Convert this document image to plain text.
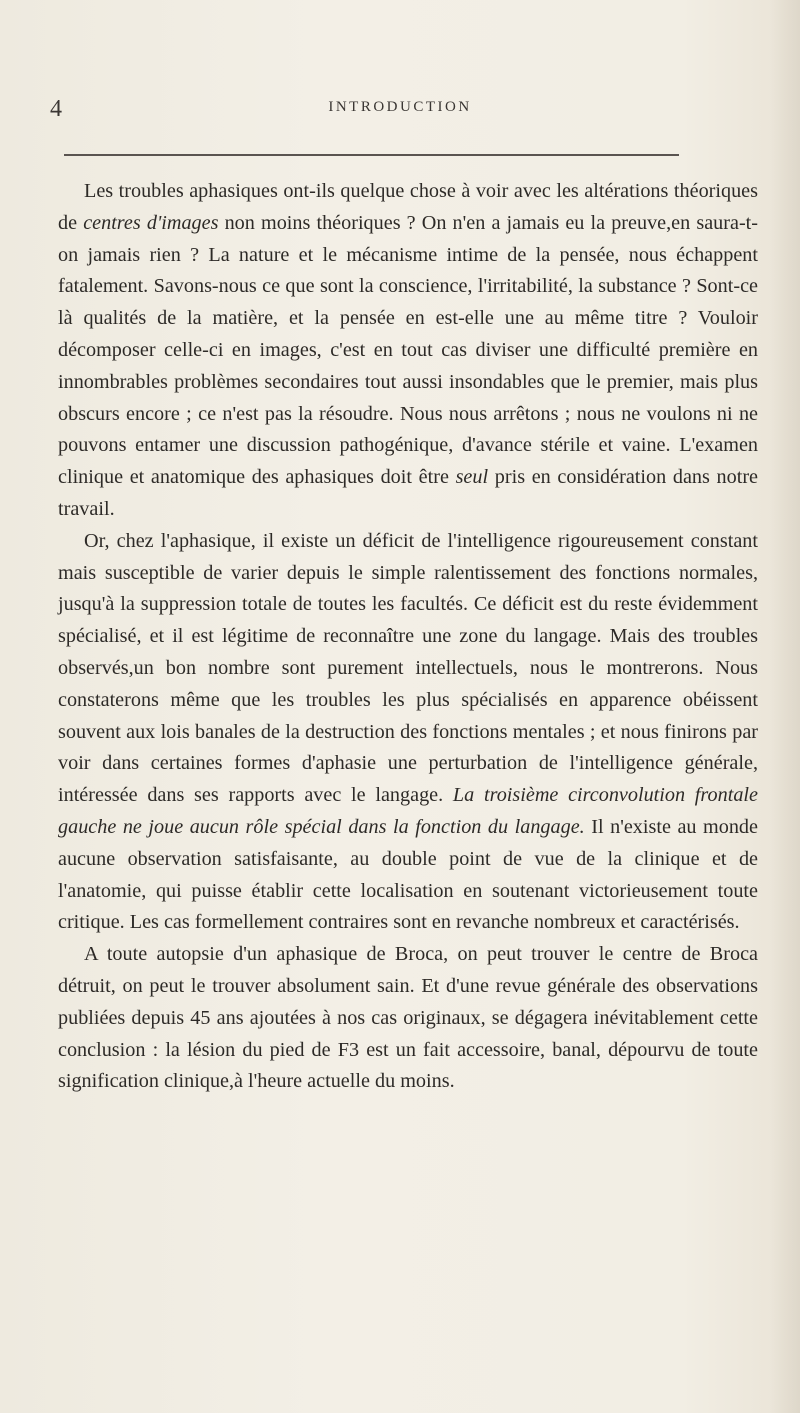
4	INTRODUCTION

Les troubles aphasiques ont-ils quelque chose à voir avec les altérations théoriques de centres d'images non moins théoriques ? On n'en a jamais eu la preuve,en saura-t-on jamais rien ? La nature et le mécanisme intime de la pensée, nous échappent fatalement. Savons-nous ce que sont la conscience, l'irritabilité, la substance ? Sont-ce là qualités de la matière, et la pensée en est-elle une au même titre ? Vouloir décomposer celle-ci en images, c'est en tout cas diviser une difficulté première en innombrables problèmes secondaires tout aussi insondables que le premier, mais plus obscurs encore ; ce n'est pas la résoudre. Nous nous arrêtons ; nous ne voulons ni ne pouvons entamer une discussion pathogénique, d'avance stérile et vaine. L'examen clinique et anatomique des aphasiques doit être seul pris en considération dans notre travail.

Or, chez l'aphasique, il existe un déficit de l'intelligence rigoureusement constant mais susceptible de varier depuis le simple ralentissement des fonctions normales, jusqu'à la suppression totale de toutes les facultés. Ce déficit est du reste évidemment spécialisé, et il est légitime de reconnaître une zone du langage. Mais des troubles observés,un bon nombre sont purement intellectuels, nous le montrerons. Nous constaterons même que les troubles les plus spécialisés en apparence obéissent souvent aux lois banales de la destruction des fonctions mentales ; et nous finirons par voir dans certaines formes d'aphasie une perturbation de l'intelligence générale, intéressée dans ses rapports avec le langage. La troisième circonvolution frontale gauche ne joue aucun rôle spécial dans la fonction du langage. Il n'existe au monde aucune observation satisfaisante, au double point de vue de la clinique et de l'anatomie, qui puisse établir cette localisation en soutenant victorieusement toute critique. Les cas formellement contraires sont en revanche nombreux et caractérisés.

A toute autopsie d'un aphasique de Broca, on peut trouver le centre de Broca détruit, on peut le trouver absolument sain. Et d'une revue générale des observations publiées depuis 45 ans ajoutées à nos cas originaux, se dégagera inévitablement cette conclusion : la lésion du pied de F3 est un fait accessoire, banal, dépourvu de toute signification clinique,à l'heure actuelle du moins.
